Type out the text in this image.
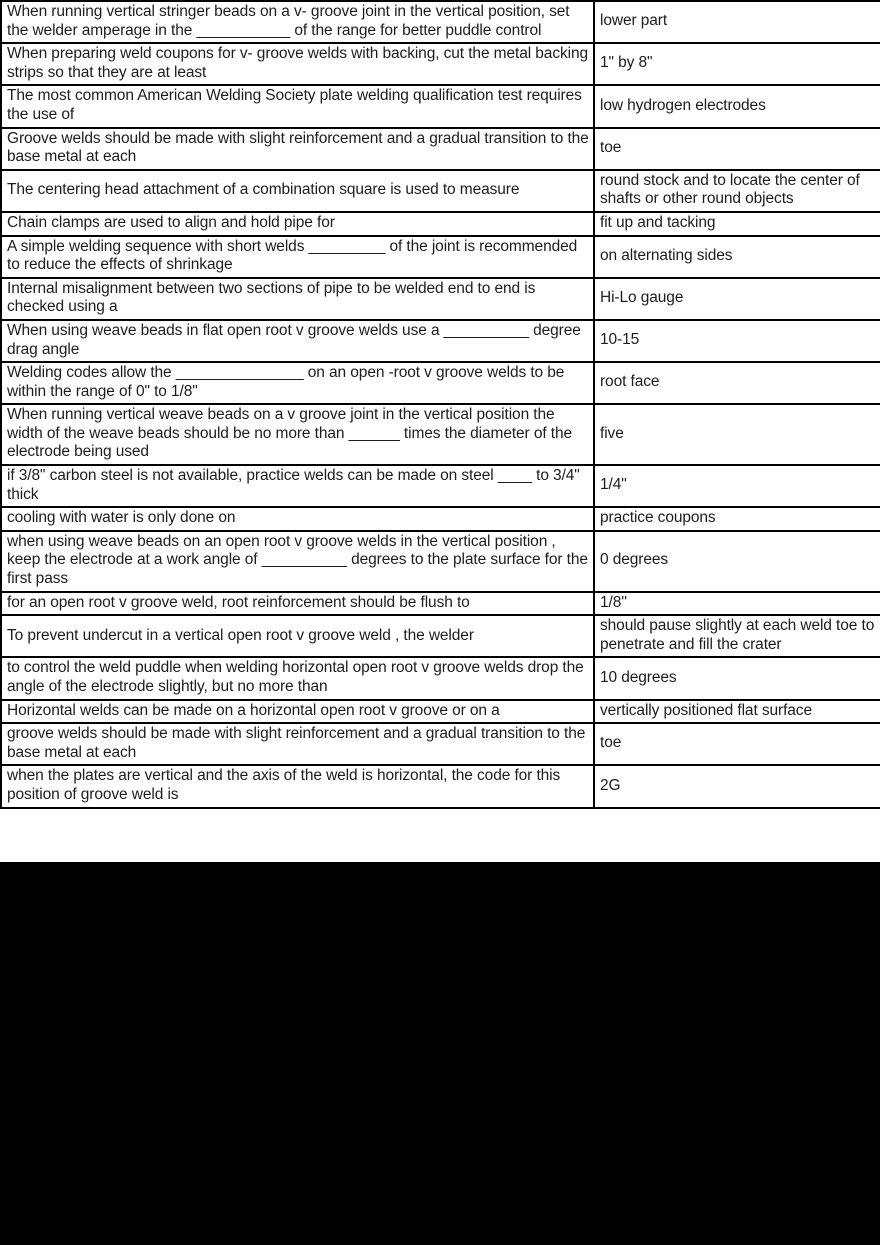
When running vertical stringer beads on a v- groove joint in the vertical position, set the welder amperage in the ___________ of the range for better puddle control	lower part
When preparing weld coupons for v- groove welds with backing, cut the metal backing strips so that they are at least	1" by 8"
The most common American Welding Society plate welding qualification test requires the use of	low hydrogen electrodes
Groove welds should be made with slight reinforcement and a gradual transition to the base metal at each	toe
The centering head attachment of a combination square is used to measure	round stock and to locate the center of shafts or other round objects
Chain clamps are used to align and hold pipe for	fit up and tacking
A simple welding sequence with short welds _________ of the joint is recommended to reduce the effects of shrinkage	on alternating sides
Internal misalignment between two sections of pipe to be welded end to end is checked using a	Hi-Lo gauge
When using weave beads in flat open root v groove welds use a __________ degree drag angle	10-15
Welding codes allow the _______________ on an open -root v groove welds to be within the range of 0" to 1/8"	root face
When running vertical weave beads on a v groove joint in the vertical position the width of the weave beads should be no more than ______ times the diameter of the electrode being used	five
if 3/8" carbon steel is not available, practice welds can be made on steel ____ to 3/4" thick	1/4"
cooling with water is only done on	practice coupons
when using weave beads on an open root v groove welds in the vertical position , keep the electrode at a work angle of __________ degrees to the plate surface for the first pass	0 degrees
for an open root v groove weld, root reinforcement should be flush to	1/8''
To prevent undercut in a vertical open root v groove weld , the welder	should pause slightly at each weld toe to penetrate and fill the crater
to control the weld puddle when welding horizontal open root v groove welds drop the angle of the electrode slightly, but no more than	10 degrees
Horizontal welds can be made on a horizontal open root v groove or on a	vertically positioned flat surface
groove welds should be made with slight reinforcement and a gradual transition to the base metal at each	toe
when the plates are vertical and the axis of the weld is horizontal, the code for this position of groove weld is	2G
